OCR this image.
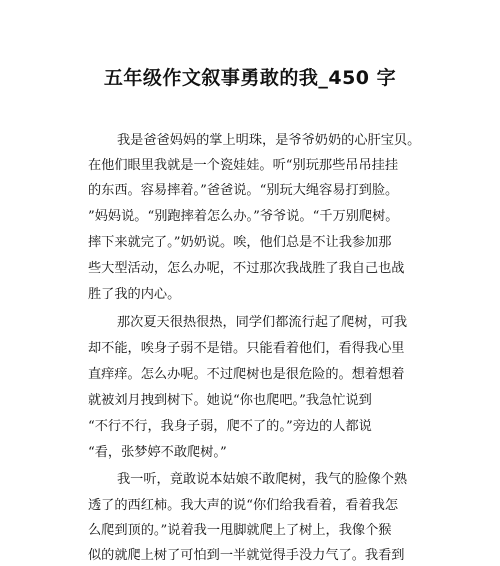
五年级作文叙事勇敢的我_450 字
我是爸爸妈妈的掌上明珠，是爷爷奶奶的心肝宝贝。
在他们眼里我就是一个瓷娃娃。听“别玩那些吊吊挂挂
的东西。容易摔着。”爸爸说。“别玩大绳容易打到脸。
”妈妈说。“别跑摔着怎么办。”爷爷说。“千万别爬树。
摔下来就完了。”奶奶说。唉，他们总是不让我参加那
些大型活动，怎么办呢，不过那次我战胜了我自己也战
胜了我的内心。
那次夏天很热很热，同学们都流行起了爬树，可我
却不能，唉身子弱不是错。只能看着他们，看得我心里
直痒痒。怎么办呢。不过爬树也是很危险的。想着想着
就被刘月拽到树下。她说“你也爬吧。”我急忙说到
“不行不行，我身子弱，爬不了的。”旁边的人都说
“看，张梦婷不敢爬树。”
我一听，竟敢说本姑娘不敢爬树，我气的脸像个熟
透了的西红柿。我大声的说“你们给我看着，看着我怎
么爬到顶的。”说着我一甩脚就爬上了树上，我像个猴
似的就爬上树了可怕到一半就觉得手没力气了。我看到
